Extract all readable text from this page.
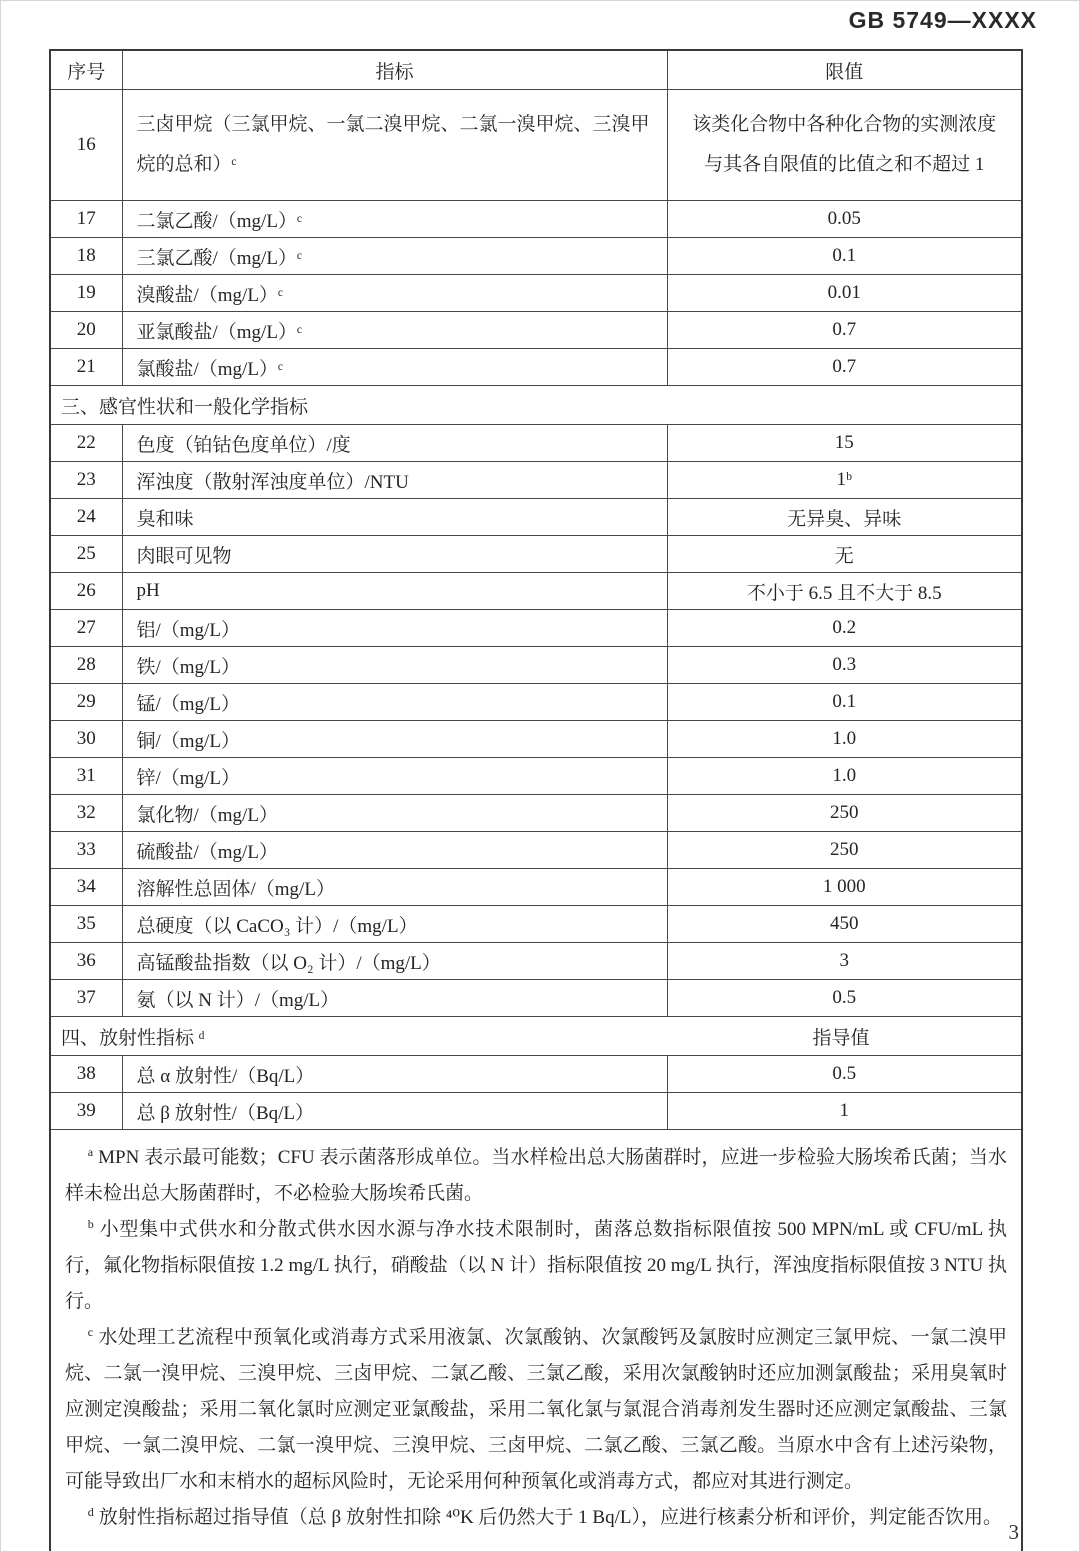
GB 5749—XXXX
序号	指标	限值
16	三卤甲烷（三氯甲烷、一氯二溴甲烷、二氯一溴甲烷、三溴甲烷的总和）ᶜ	该类化合物中各种化合物的实测浓度
与其各自限值的比值之和不超过 1

17	二氯乙酸/（mg/L）ᶜ	0.05
18	三氯乙酸/（mg/L）ᶜ	0.1
19	溴酸盐/（mg/L）ᶜ	0.01
20	亚氯酸盐/（mg/L）ᶜ	0.7
21	氯酸盐/（mg/L）ᶜ	0.7

三、感官性状和一般化学指标		

22	色度（铂钴色度单位）/度	15
23	浑浊度（散射浑浊度单位）/NTU	1ᵇ
24	臭和味	无异臭、异味
25	肉眼可见物	无
26	pH	不小于 6.5 且不大于 8.5
27	铝/（mg/L）	0.2
28	铁/（mg/L）	0.3
29	锰/（mg/L）	0.1
30	铜/（mg/L）	1.0
31	锌/（mg/L）	1.0
32	氯化物/（mg/L）	250
33	硫酸盐/（mg/L）	250
34	溶解性总固体/（mg/L）	1 000
35	总硬度（以 CaCO₃ 计）/（mg/L）	450
36	高锰酸盐指数（以 O₂ 计）/（mg/L）	3
37	氨（以 N 计）/（mg/L）	0.5

四、放射性指标 ᵈ 指导值		

38	总 α 放射性/（Bq/L）	0.5
39	总 β 放射性/（Bq/L）	1

$^a$ MPN 表示最可能数；CFU 表示菌落形成单位。当水样检出总大肠菌群时，应进一步检验大肠埃希氏菌；当水样未检出总大肠菌群时，不必检验大肠埃希氏菌。

$^b$ 小型集中式供水和分散式供水因水源与净水技术限制时，菌落总数指标限值按 500 MPN/mL 或 CFU/mL 执行，氟化物指标限值按 1.2 mg/L 执行，硝酸盐（以 N 计）指标限值按 20 mg/L 执行，浑浊度指标限值按 3 NTU 执行。

$^c$ 水处理工艺流程中预氧化或消毒方式采用液氯、次氯酸钠、次氯酸钙及氯胺时应测定三氯甲烷、一氯二溴甲烷、二氯一溴甲烷、三溴甲烷、三卤甲烷、二氯乙酸、三氯乙酸，采用次氯酸钠时还应加测氯酸盐；采用臭氧时应测定溴酸盐；采用二氧化氯时应测定亚氯酸盐，采用二氧化氯与氯混合消毒剂发生器时还应测定氯酸盐、三氯甲烷、一氯二溴甲烷、二氯一溴甲烷、三溴甲烷、三卤甲烷、二氯乙酸、三氯乙酸。当原水中含有上述污染物，可能导致出厂水和末梢水的超标风险时，无论采用何种预氧化或消毒方式，都应对其进行测定。

$^d$ 放射性指标超过指导值（总 β 放射性扣除 ⁴⁰K 后仍然大于 1 Bq/L），应进行核素分析和评价，判定能否饮用。		

3
